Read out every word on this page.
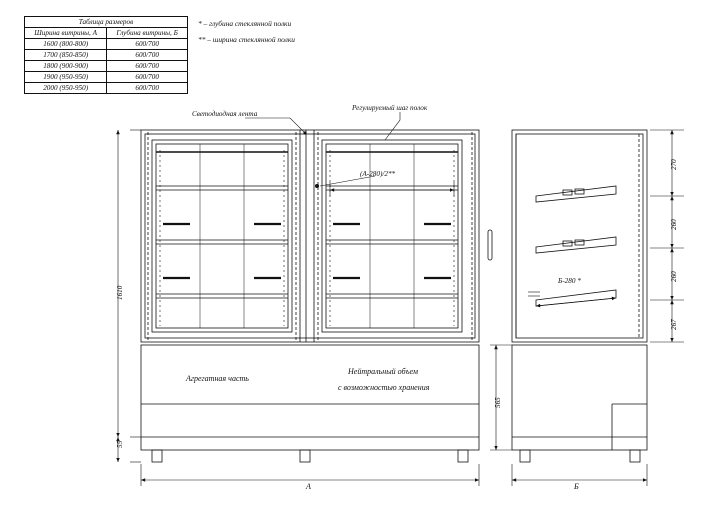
Таблица размеров	
Ширина витрины, А	Глубина витрины, Б
1600 (800-800)	600/700
1700 (850-850)	600/700
1800 (900-900)	600/700
1900 (950-950)	600/700
2000 (950-950)	600/700
* – глубина стеклянной полки
** – ширина стеклянной полки
Светодиодная лента
Регулируемый шаг полок
(А-280)/2**
Б-280 *
Агрегатная часть
Нейтральный объем
с возможностью хранения
1610
55
А	Б
565
270
260
260
267
